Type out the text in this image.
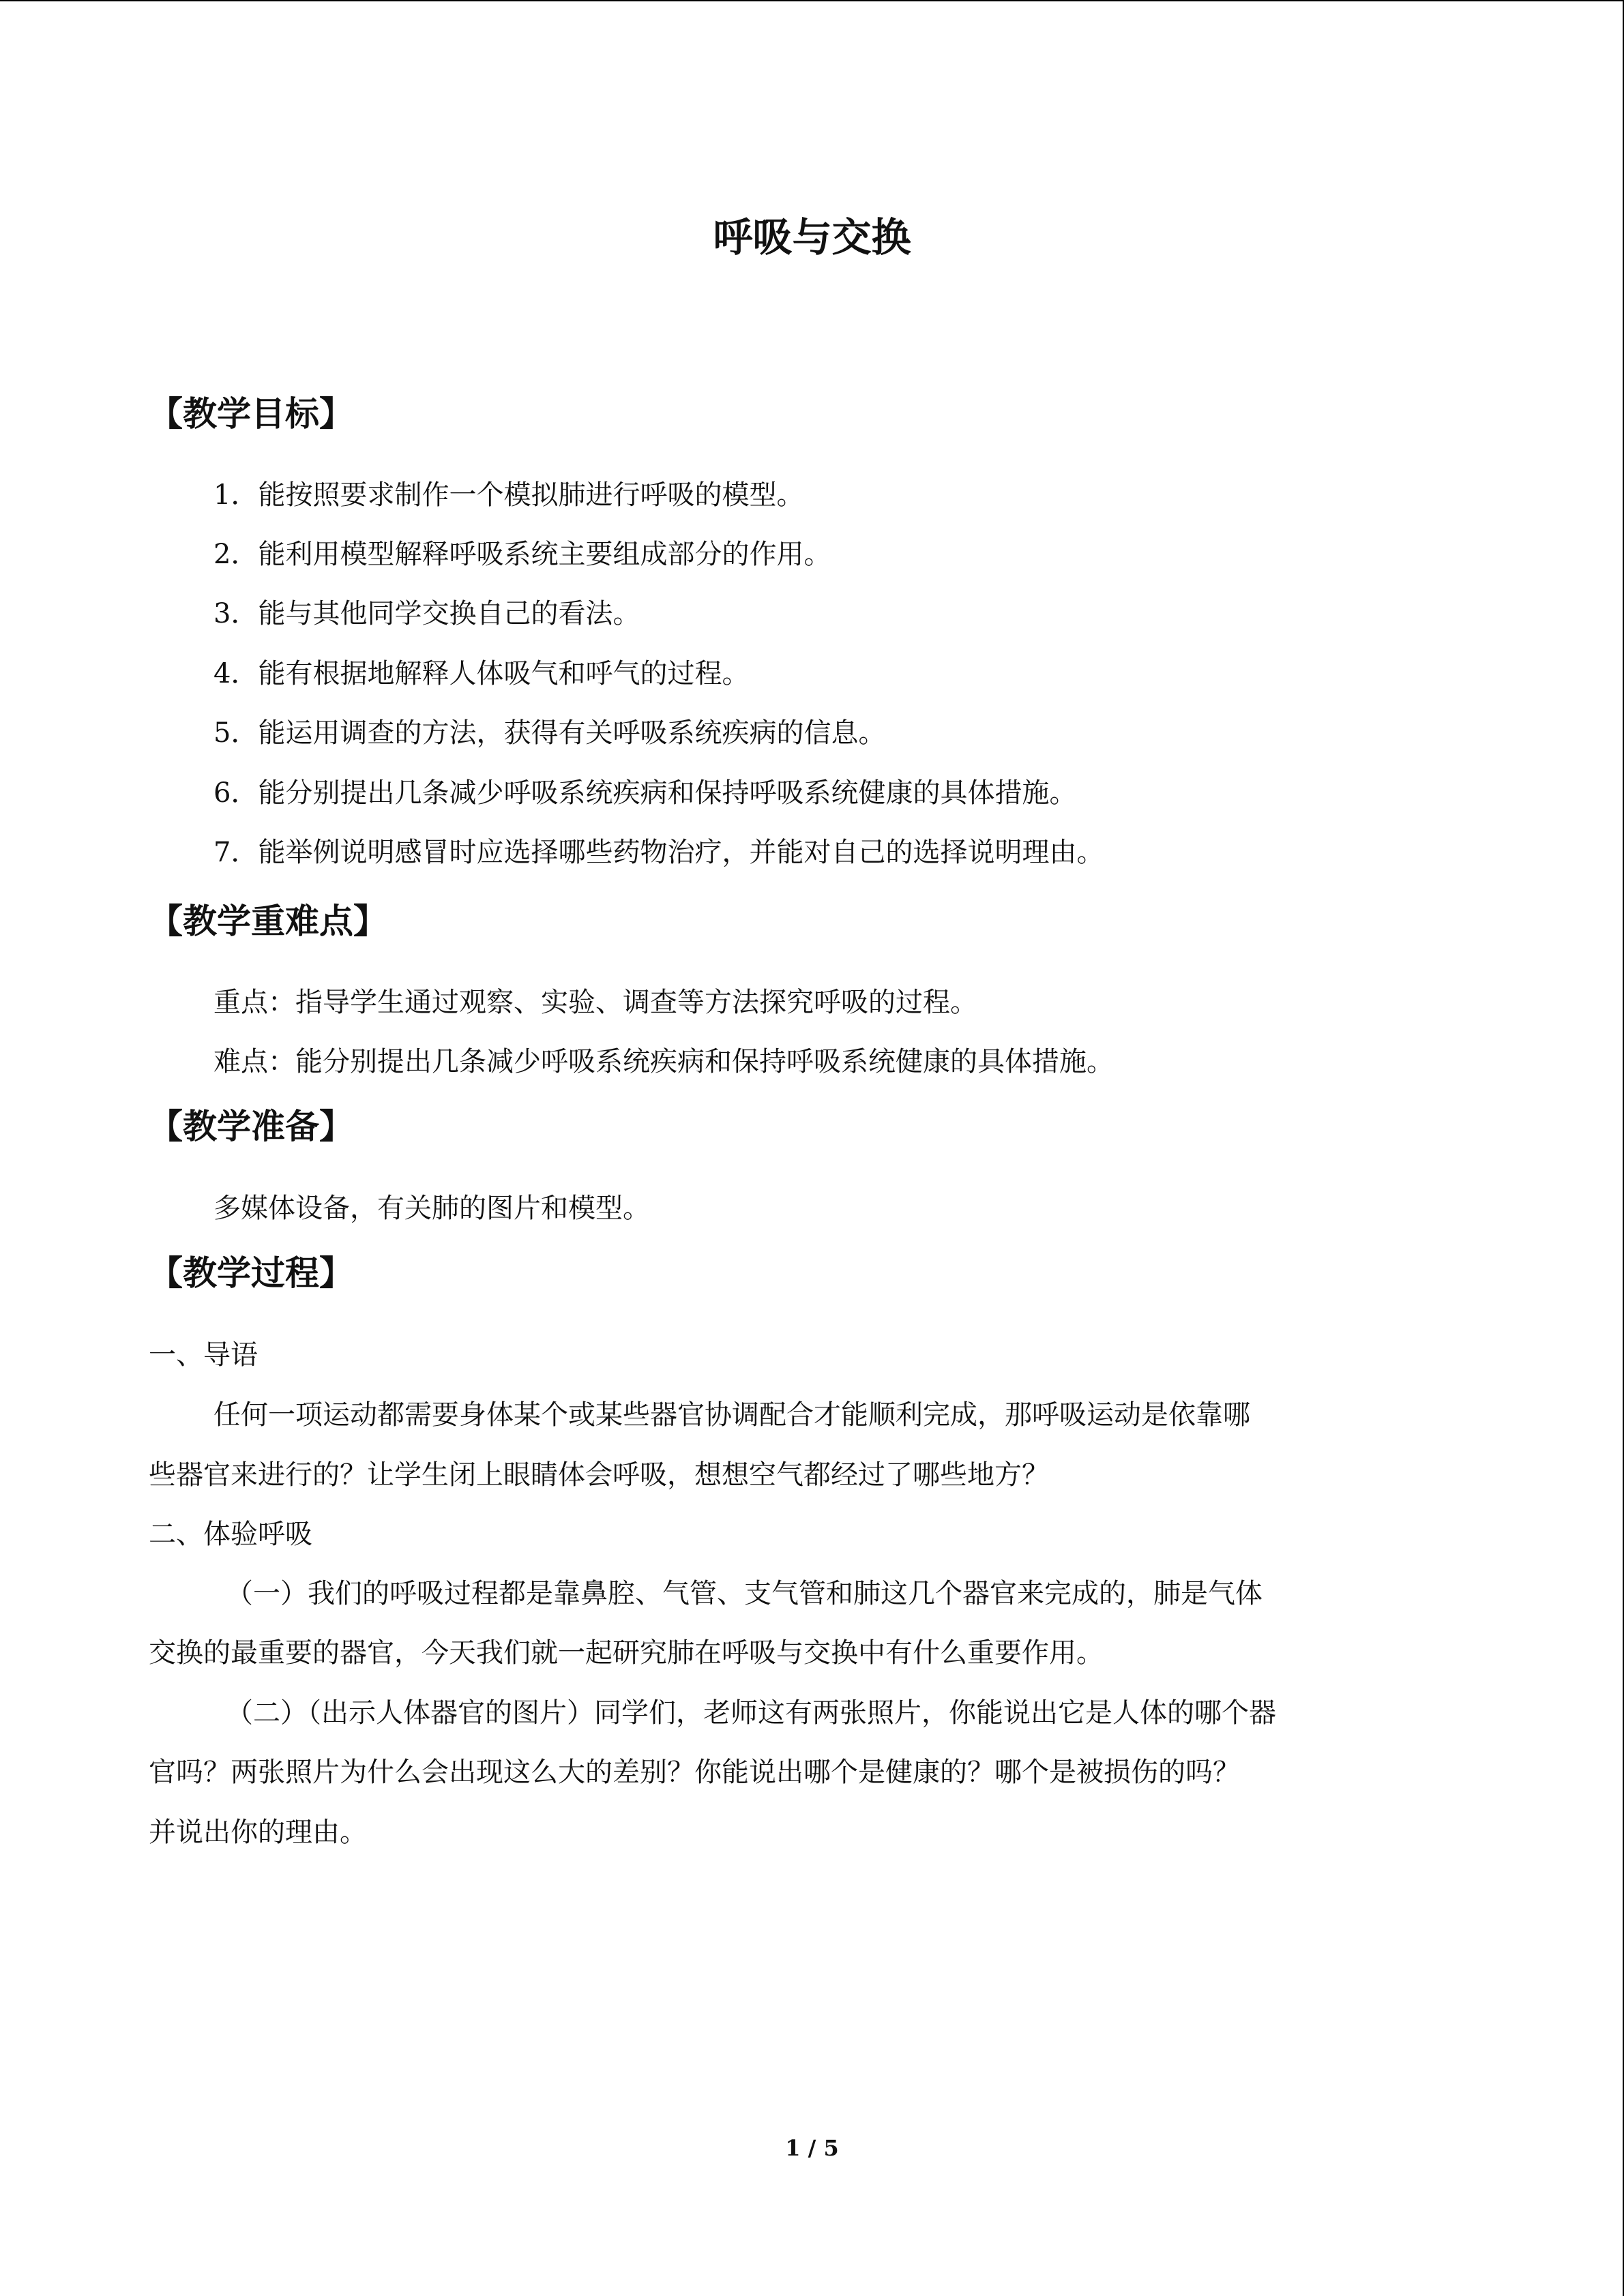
呼吸与交换
【教学目标】
1．能按照要求制作一个模拟肺进行呼吸的模型。
2．能利用模型解释呼吸系统主要组成部分的作用。
3．能与其他同学交换自己的看法。
4．能有根据地解释人体吸气和呼气的过程。
5．能运用调查的方法，获得有关呼吸系统疾病的信息。
6．能分别提出几条减少呼吸系统疾病和保持呼吸系统健康的具体措施。
7．能举例说明感冒时应选择哪些药物治疗，并能对自己的选择说明理由。
【教学重难点】
重点：指导学生通过观察、实验、调查等方法探究呼吸的过程。
难点：能分别提出几条减少呼吸系统疾病和保持呼吸系统健康的具体措施。
【教学准备】
多媒体设备，有关肺的图片和模型。
【教学过程】
一、导语
任何一项运动都需要身体某个或某些器官协调配合才能顺利完成，那呼吸运动是依靠哪
些器官来进行的？让学生闭上眼睛体会呼吸，想想空气都经过了哪些地方？
二、体验呼吸
（一）我们的呼吸过程都是靠鼻腔、气管、支气管和肺这几个器官来完成的，肺是气体
交换的最重要的器官，今天我们就一起研究肺在呼吸与交换中有什么重要作用。
（二）（出示人体器官的图片）同学们，老师这有两张照片，你能说出它是人体的哪个器
官吗？两张照片为什么会出现这么大的差别？你能说出哪个是健康的？哪个是被损伤的吗？
并说出你的理由。
1 / 5
